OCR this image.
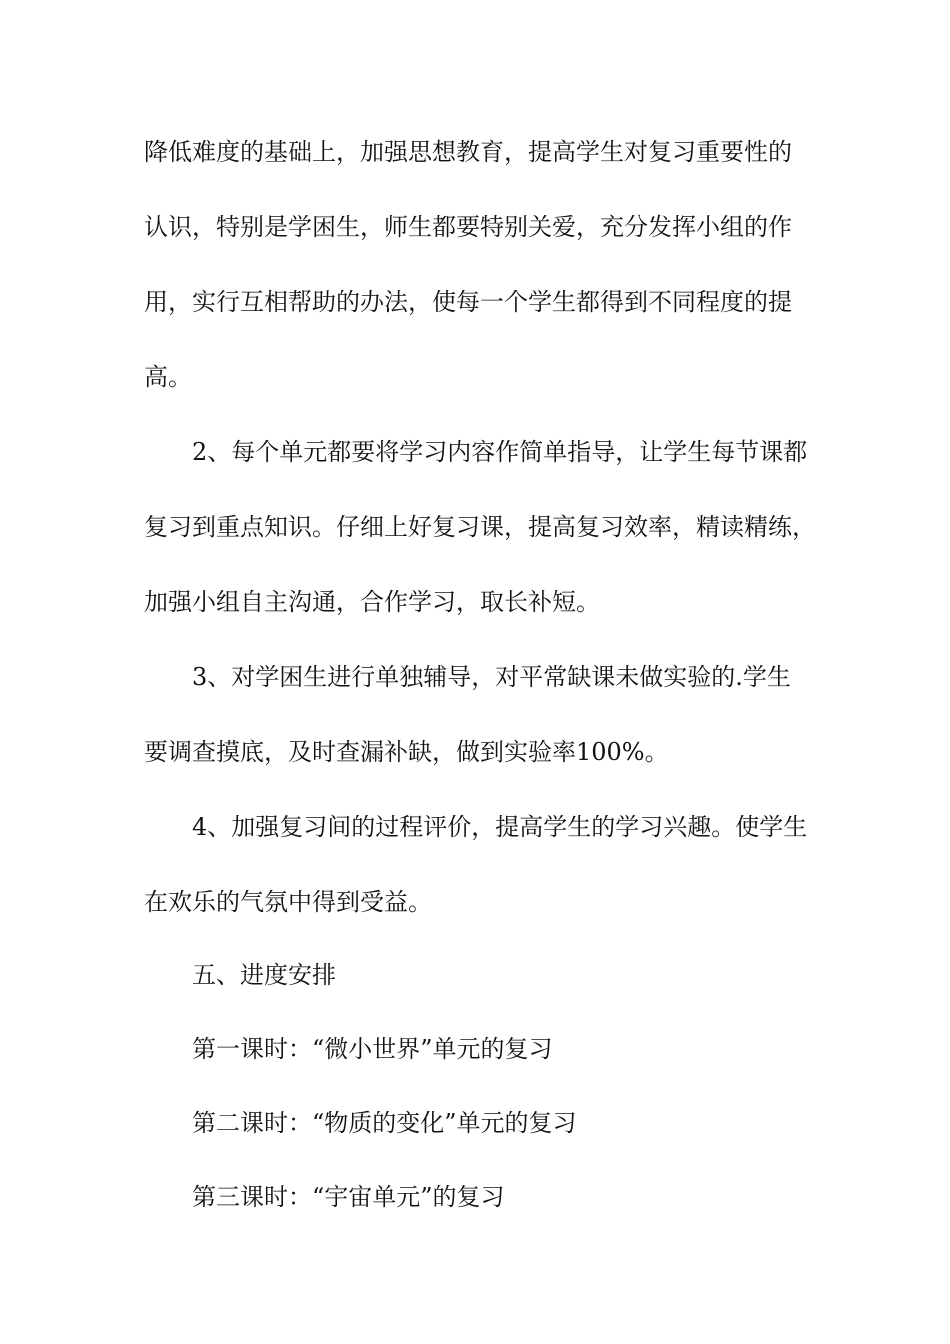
降低难度的基础上，加强思想教育，提高学生对复习重要性的
认识，特别是学困生，师生都要特别关爱，充分发挥小组的作
用，实行互相帮助的办法，使每一个学生都得到不同程度的提
高。
2、每个单元都要将学习内容作简单指导，让学生每节课都
复习到重点知识。仔细上好复习课，提高复习效率，精读精练，
加强小组自主沟通，合作学习，取长补短。
3、对学困生进行单独辅导，对平常缺课未做实验的.学生
要调查摸底，及时查漏补缺，做到实验率100%。
4、加强复习间的过程评价，提高学生的学习兴趣。使学生
在欢乐的气氛中得到受益。
五、进度安排
第一课时：“微小世界”单元的复习
第二课时：“物质的变化”单元的复习
第三课时：“宇宙单元”的复习
